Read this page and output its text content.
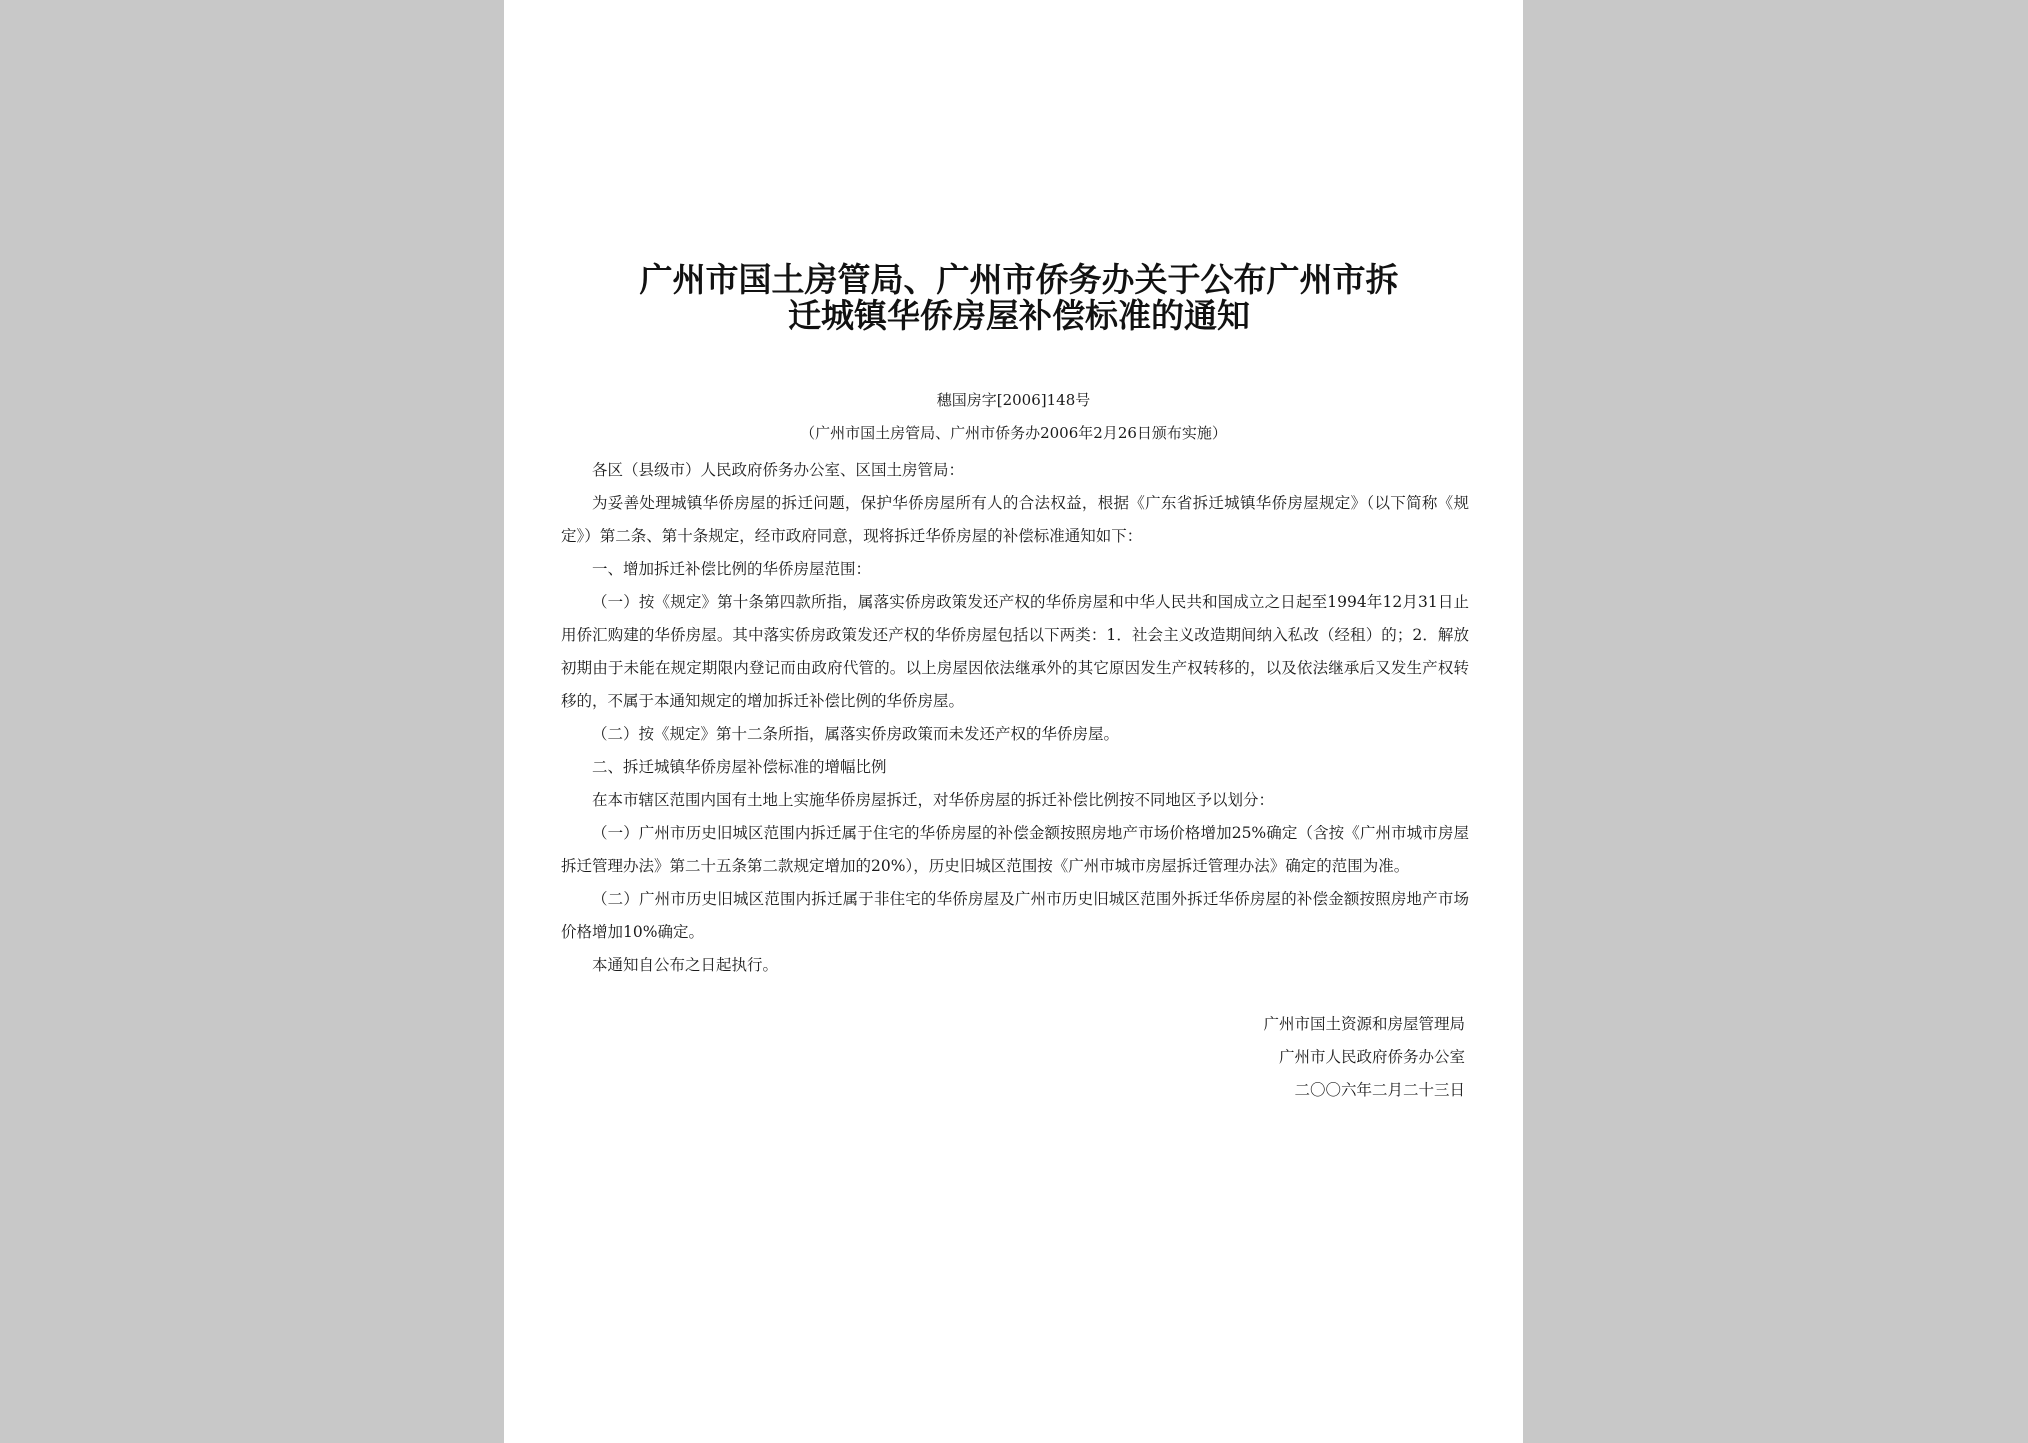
广州市国土房管局、广州市侨务办关于公布广州市拆
迁城镇华侨房屋补偿标准的通知
穗国房字[2006]148号
（广州市国土房管局、广州市侨务办2006年2月26日颁布实施）

各区（县级市）人民政府侨务办公室、区国土房管局：

为妥善处理城镇华侨房屋的拆迁问题，保护华侨房屋所有人的合法权益，根据《广东省拆迁城镇华侨房屋规定》（以下简称《规定》）第二条、第十条规定，经市政府同意，现将拆迁华侨房屋的补偿标准通知如下：

一、增加拆迁补偿比例的华侨房屋范围：

（一）按《规定》第十条第四款所指，属落实侨房政策发还产权的华侨房屋和中华人民共和国成立之日起至1994年12月31日止用侨汇购建的华侨房屋。其中落实侨房政策发还产权的华侨房屋包括以下两类：1．社会主义改造期间纳入私改（经租）的；2．解放初期由于未能在规定期限内登记而由政府代管的。以上房屋因依法继承外的其它原因发生产权转移的，以及依法继承后又发生产权转移的，不属于本通知规定的增加拆迁补偿比例的华侨房屋。

（二）按《规定》第十二条所指，属落实侨房政策而未发还产权的华侨房屋。

二、拆迁城镇华侨房屋补偿标准的增幅比例

在本市辖区范围内国有土地上实施华侨房屋拆迁，对华侨房屋的拆迁补偿比例按不同地区予以划分：

（一）广州市历史旧城区范围内拆迁属于住宅的华侨房屋的补偿金额按照房地产市场价格增加25%确定（含按《广州市城市房屋拆迁管理办法》第二十五条第二款规定增加的20%），历史旧城区范围按《广州市城市房屋拆迁管理办法》确定的范围为准。

（二）广州市历史旧城区范围内拆迁属于非住宅的华侨房屋及广州市历史旧城区范围外拆迁华侨房屋的补偿金额按照房地产市场价格增加10%确定。

本通知自公布之日起执行。

广州市国土资源和房屋管理局
广州市人民政府侨务办公室
二〇〇六年二月二十三日
